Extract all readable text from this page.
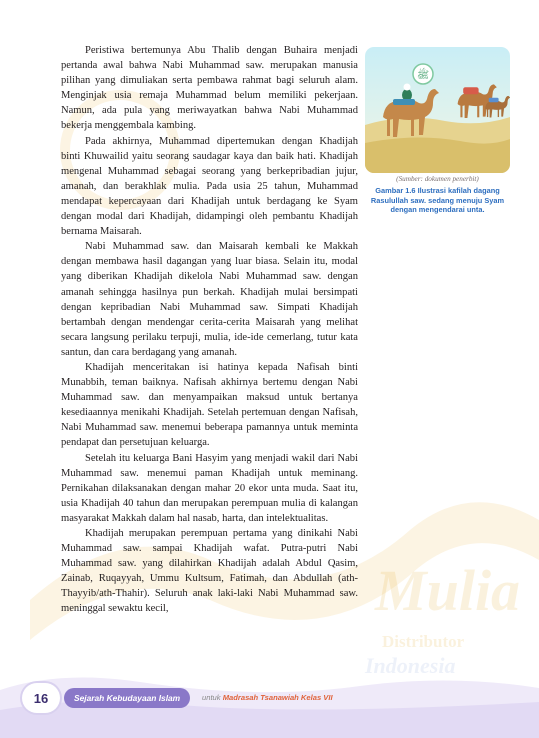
Mulia
Distributor
Indonesia

Peristiwa bertemunya Abu Thalib dengan Buhaira menjadi pertanda awal bahwa Nabi Muhammad saw. merupakan manusia pilihan yang dimuliakan serta pembawa rahmat bagi seluruh alam. Menginjak usia remaja Muhammad belum memiliki pekerjaan. Namun, ada pula yang meriwayatkan bahwa Nabi Muhammad bekerja menggembala kambing.

Pada akhirnya, Muhammad dipertemukan dengan Khadijah binti Khuwailid yaitu seorang saudagar kaya dan baik hati. Khadijah mengenal Muhammad sebagai seorang yang berkepribadian jujur, amanah, dan berakhlak mulia. Pada usia 25 tahun, Muhammad mendapat kepercayaan dari Khadijah untuk berdagang ke Syam dengan modal dari Khadijah, didampingi oleh pembantu Khadijah bernama Maisarah.

Nabi Muhammad saw. dan Maisarah kembali ke Makkah dengan membawa hasil dagangan yang luar biasa. Selain itu, modal yang diberikan Khadijah dikelola Nabi Muhammad saw. dengan amanah sehingga hasilnya pun berkah. Khadijah mulai bersimpati dengan kepribadian Nabi Muhammad saw. Simpati Khadijah bertambah dengan mendengar cerita-cerita Maisarah yang melihat secara langsung perilaku terpuji, mulia, ide-ide cemerlang, tutur kata santun, dan cara berdagang yang amanah.

Khadijah menceritakan isi hatinya kepada Nafisah binti Munabbih, teman baiknya. Nafisah akhirnya bertemu dengan Nabi Muhammad saw. dan menyampaikan maksud untuk bertanya kesediaannya menikahi Khadijah. Setelah pertemuan dengan Nafisah, Nabi Muhammad saw. menemui beberapa pamannya untuk meminta pendapat dan persetujuan keluarga.

Setelah itu keluarga Bani Hasyim yang menjadi wakil dari Nabi Muhammad saw. menemui paman Khadijah untuk meminang. Pernikahan dilaksanakan dengan mahar 20 ekor unta muda. Saat itu, usia Khadijah 40 tahun dan merupakan perempuan mulia di kalangan masyarakat Makkah dalam hal nasab, harta, dan intelektualitas.

Khadijah merupakan perempuan pertama yang dinikahi Nabi Muhammad saw. sampai Khadijah wafat. Putra-putri Nabi Muhammad saw. yang dilahirkan Khadijah adalah Abdul Qasim, Zainab, Ruqayyah, Ummu Kultsum, Fatimah, dan Abdullah (ath-Thayyib/ath-Thahir). Seluruh anak laki-laki Nabi Muhammad saw. meninggal sewaktu kecil,

ﷺ
(Sumber: dokumen penerbit)
Gambar 1.6 Ilustrasi kafilah dagang Rasulullah saw. sedang menuju Syam dengan mengendarai unta.
16	Sejarah Kebudayaan Islam	untuk Madrasah Tsanawiah Kelas VII
